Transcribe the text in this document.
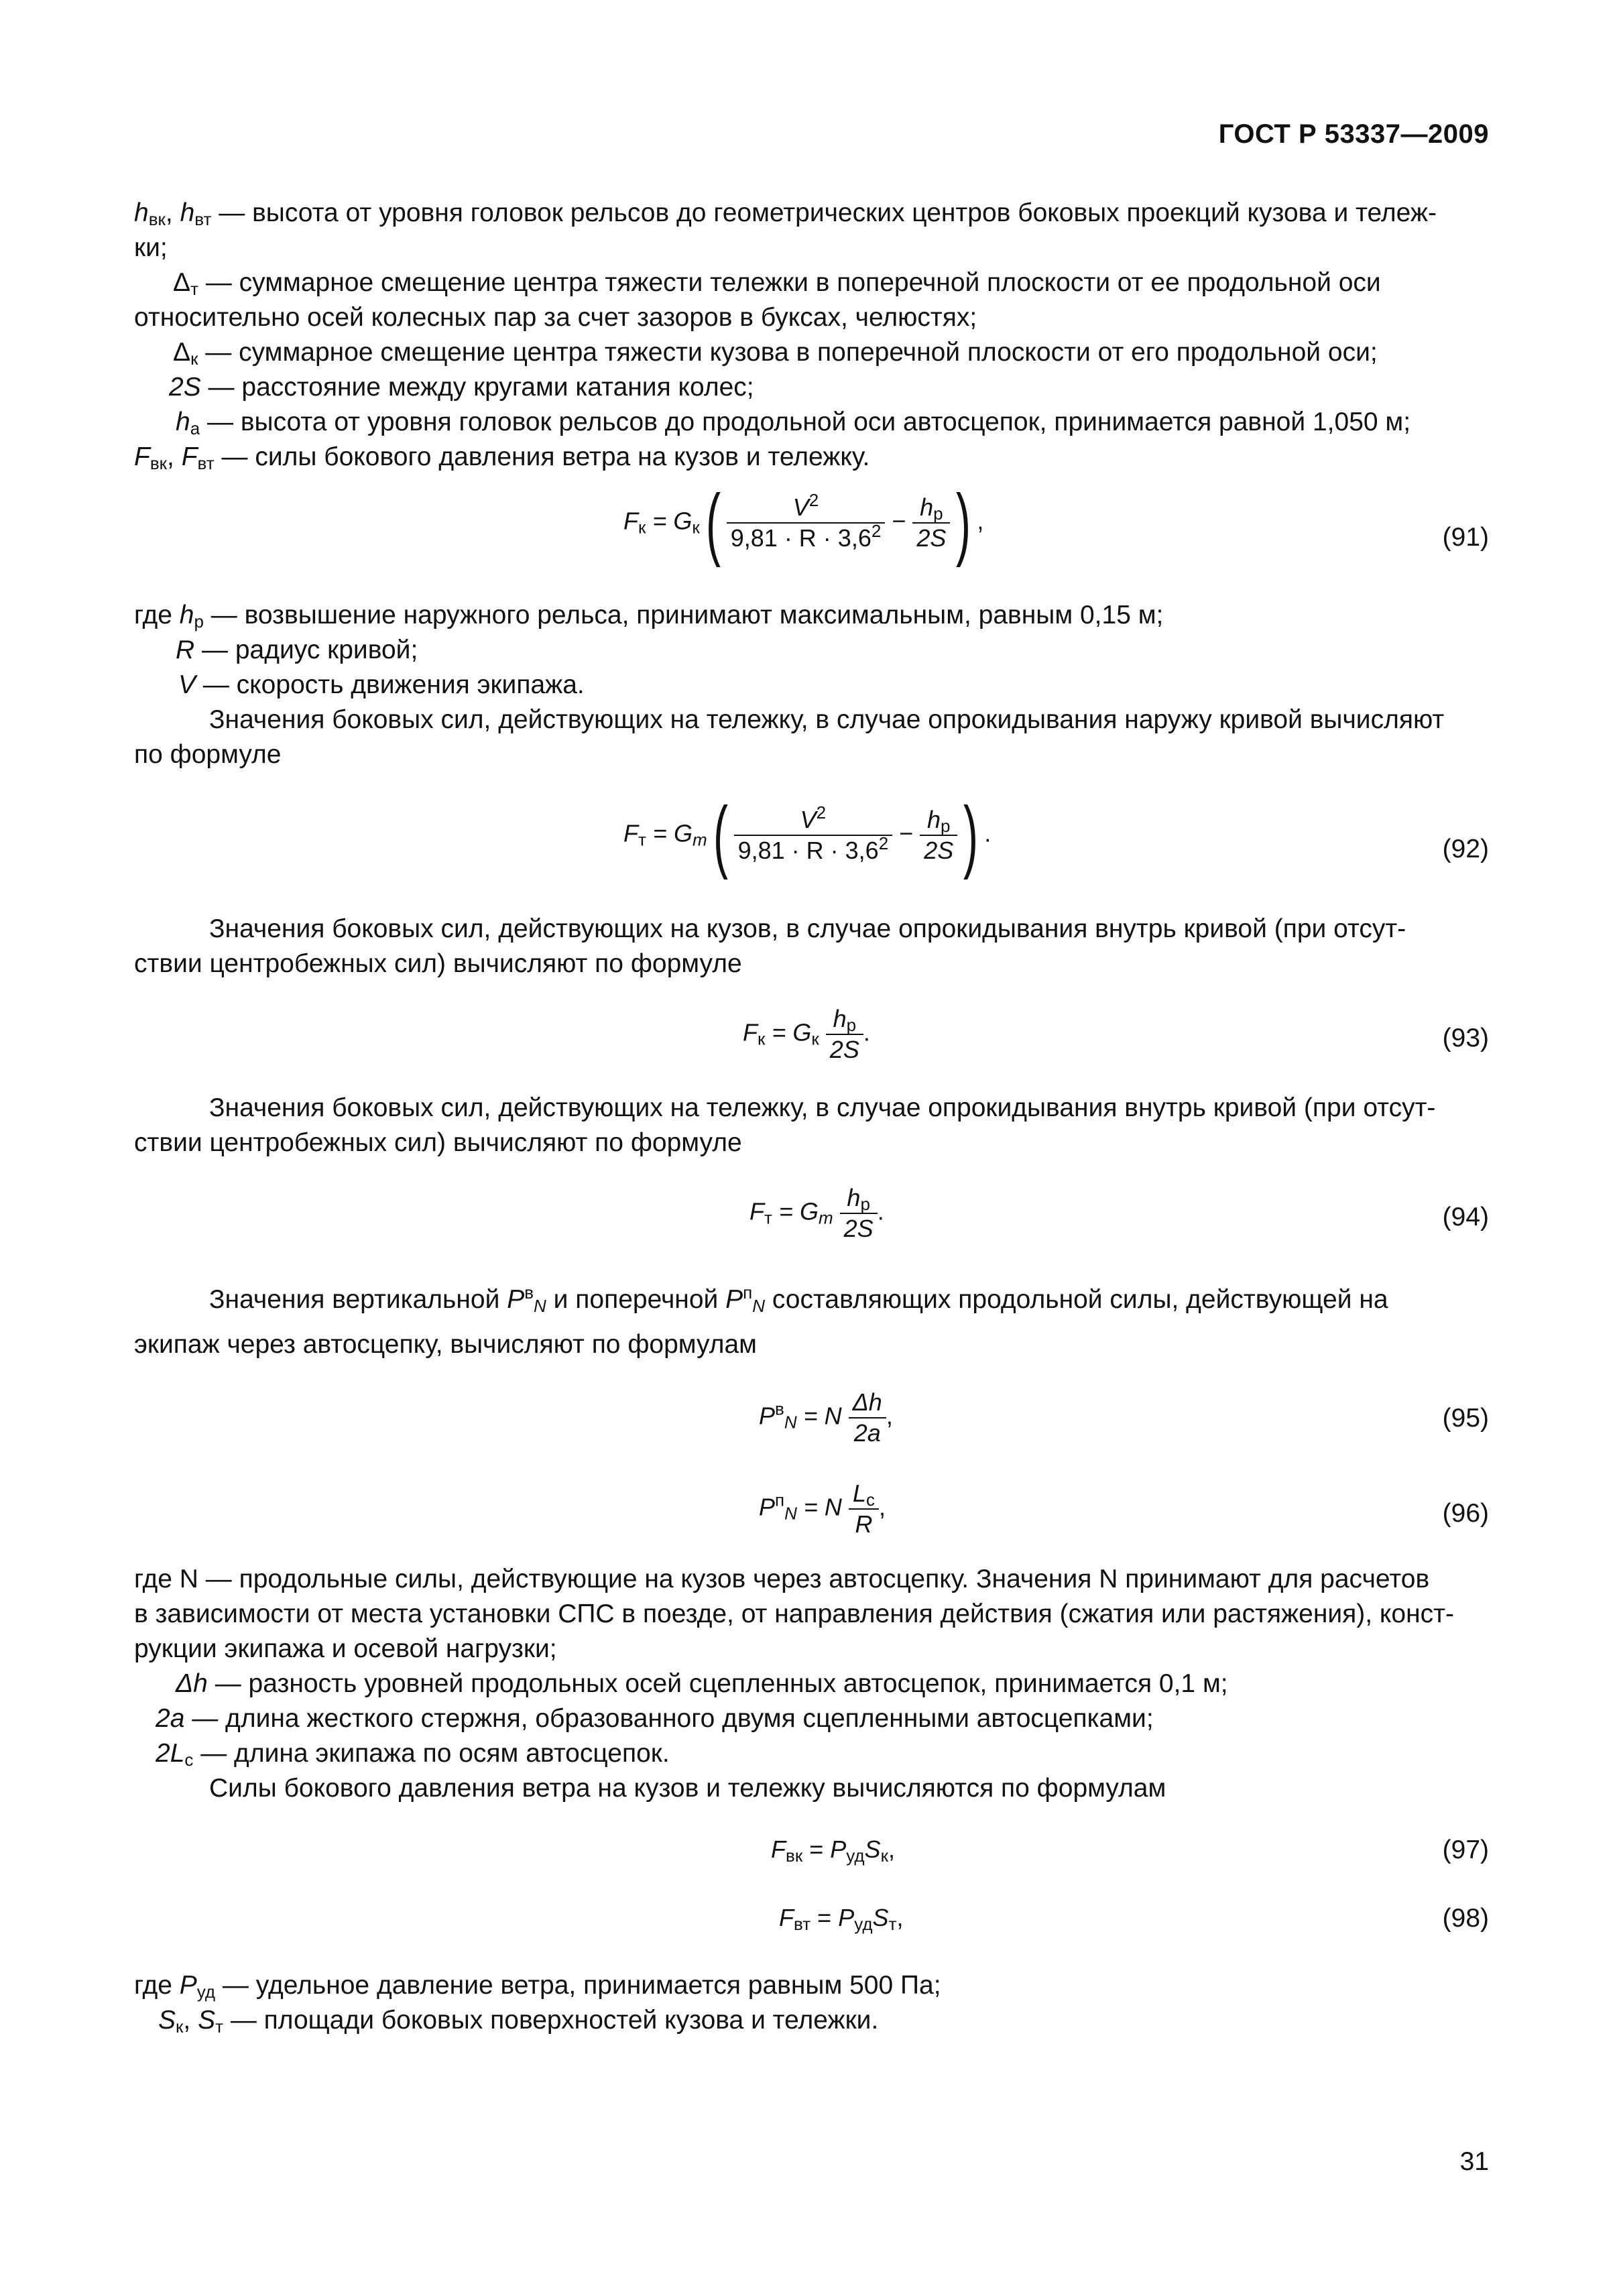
ГОСТ Р 53337—2009
$h_{вк}$, $h_{вт}$ — высота от уровня головок рельсов до геометрических центров боковых проекций кузова и тележ-
ки;
$\Delta_т$ — суммарное смещение центра тяжести тележки в поперечной плоскости от ее продольной оси
относительно осей колесных пар за счет зазоров в буксах, челюстях;
$\Delta_к$ — суммарное смещение центра тяжести кузова в поперечной плоскости от его продольной оси;
2S — расстояние между кругами катания колес;
$h_а$ — высота от уровня головок рельсов до продольной оси автосцепок, принимается равной 1,050 м;
$F_{вк}$, $F_{вт}$ — силы бокового давления ветра на кузов и тележку.
$F_к = G_к( \frac{V^2}{9,81 \cdot R \cdot 3,6^2} - \frac{h_р}{2S}$ ) ,
(91)
где $h_р$ — возвышение наружного рельса, принимают максимальным, равным 0,15 м;
R — радиус кривой;
V — скорость движения экипажа.
Значения боковых сил, действующих на тележку, в случае опрокидывания наружу кривой вычисляют
по формуле
$F_т = G_m( \frac{V^2}{9,81 \cdot R \cdot 3,6^2} - \frac{h_р}{2S}$ ) .
(92)
Значения боковых сил, действующих на кузов, в случае опрокидывания внутрь кривой (при отсут-
ствии центробежных сил) вычисляют по формуле
$F_к = G_к \frac{h_р}{2S}$ .	(93)
Значения боковых сил, действующих на тележку, в случае опрокидывания внутрь кривой (при отсут-
ствии центробежных сил) вычисляют по формуле
$F_т = G_m \frac{h_р}{2S}$ .	(94)
Значения вертикальной $P^в_N$ и поперечной $P^п_N$ составляющих продольной силы, действующей на
экипаж через автосцепку, вычисляют по формулам
$P^в_N = N \frac{\Delta h}{2a}$ ,	(95)
$P^п_N = N \frac{L_c}{R}$ ,	(96)
где N — продольные силы, действующие на кузов через автосцепку. Значения N принимают для расчетов
в зависимости от места установки СПС в поезде, от направления действия (сжатия или растяжения), конст-
рукции экипажа и осевой нагрузки;
Δh — разность уровней продольных осей сцепленных автосцепок, принимается 0,1 м;
2a — длина жесткого стержня, образованного двумя сцепленными автосцепками;
$2L_с$ — длина экипажа по осям автосцепок.
Силы бокового давления ветра на кузов и тележку вычисляются по формулам
$F_{вк} = P_{уд}S_к$,	(97)
$F_{вт} = P_{уд}S_т$,	(98)
где $P_{уд}$ — удельное давление ветра, принимается равным 500 Па;
$S_к$, $S_т$ — площади боковых поверхностей кузова и тележки.
31
